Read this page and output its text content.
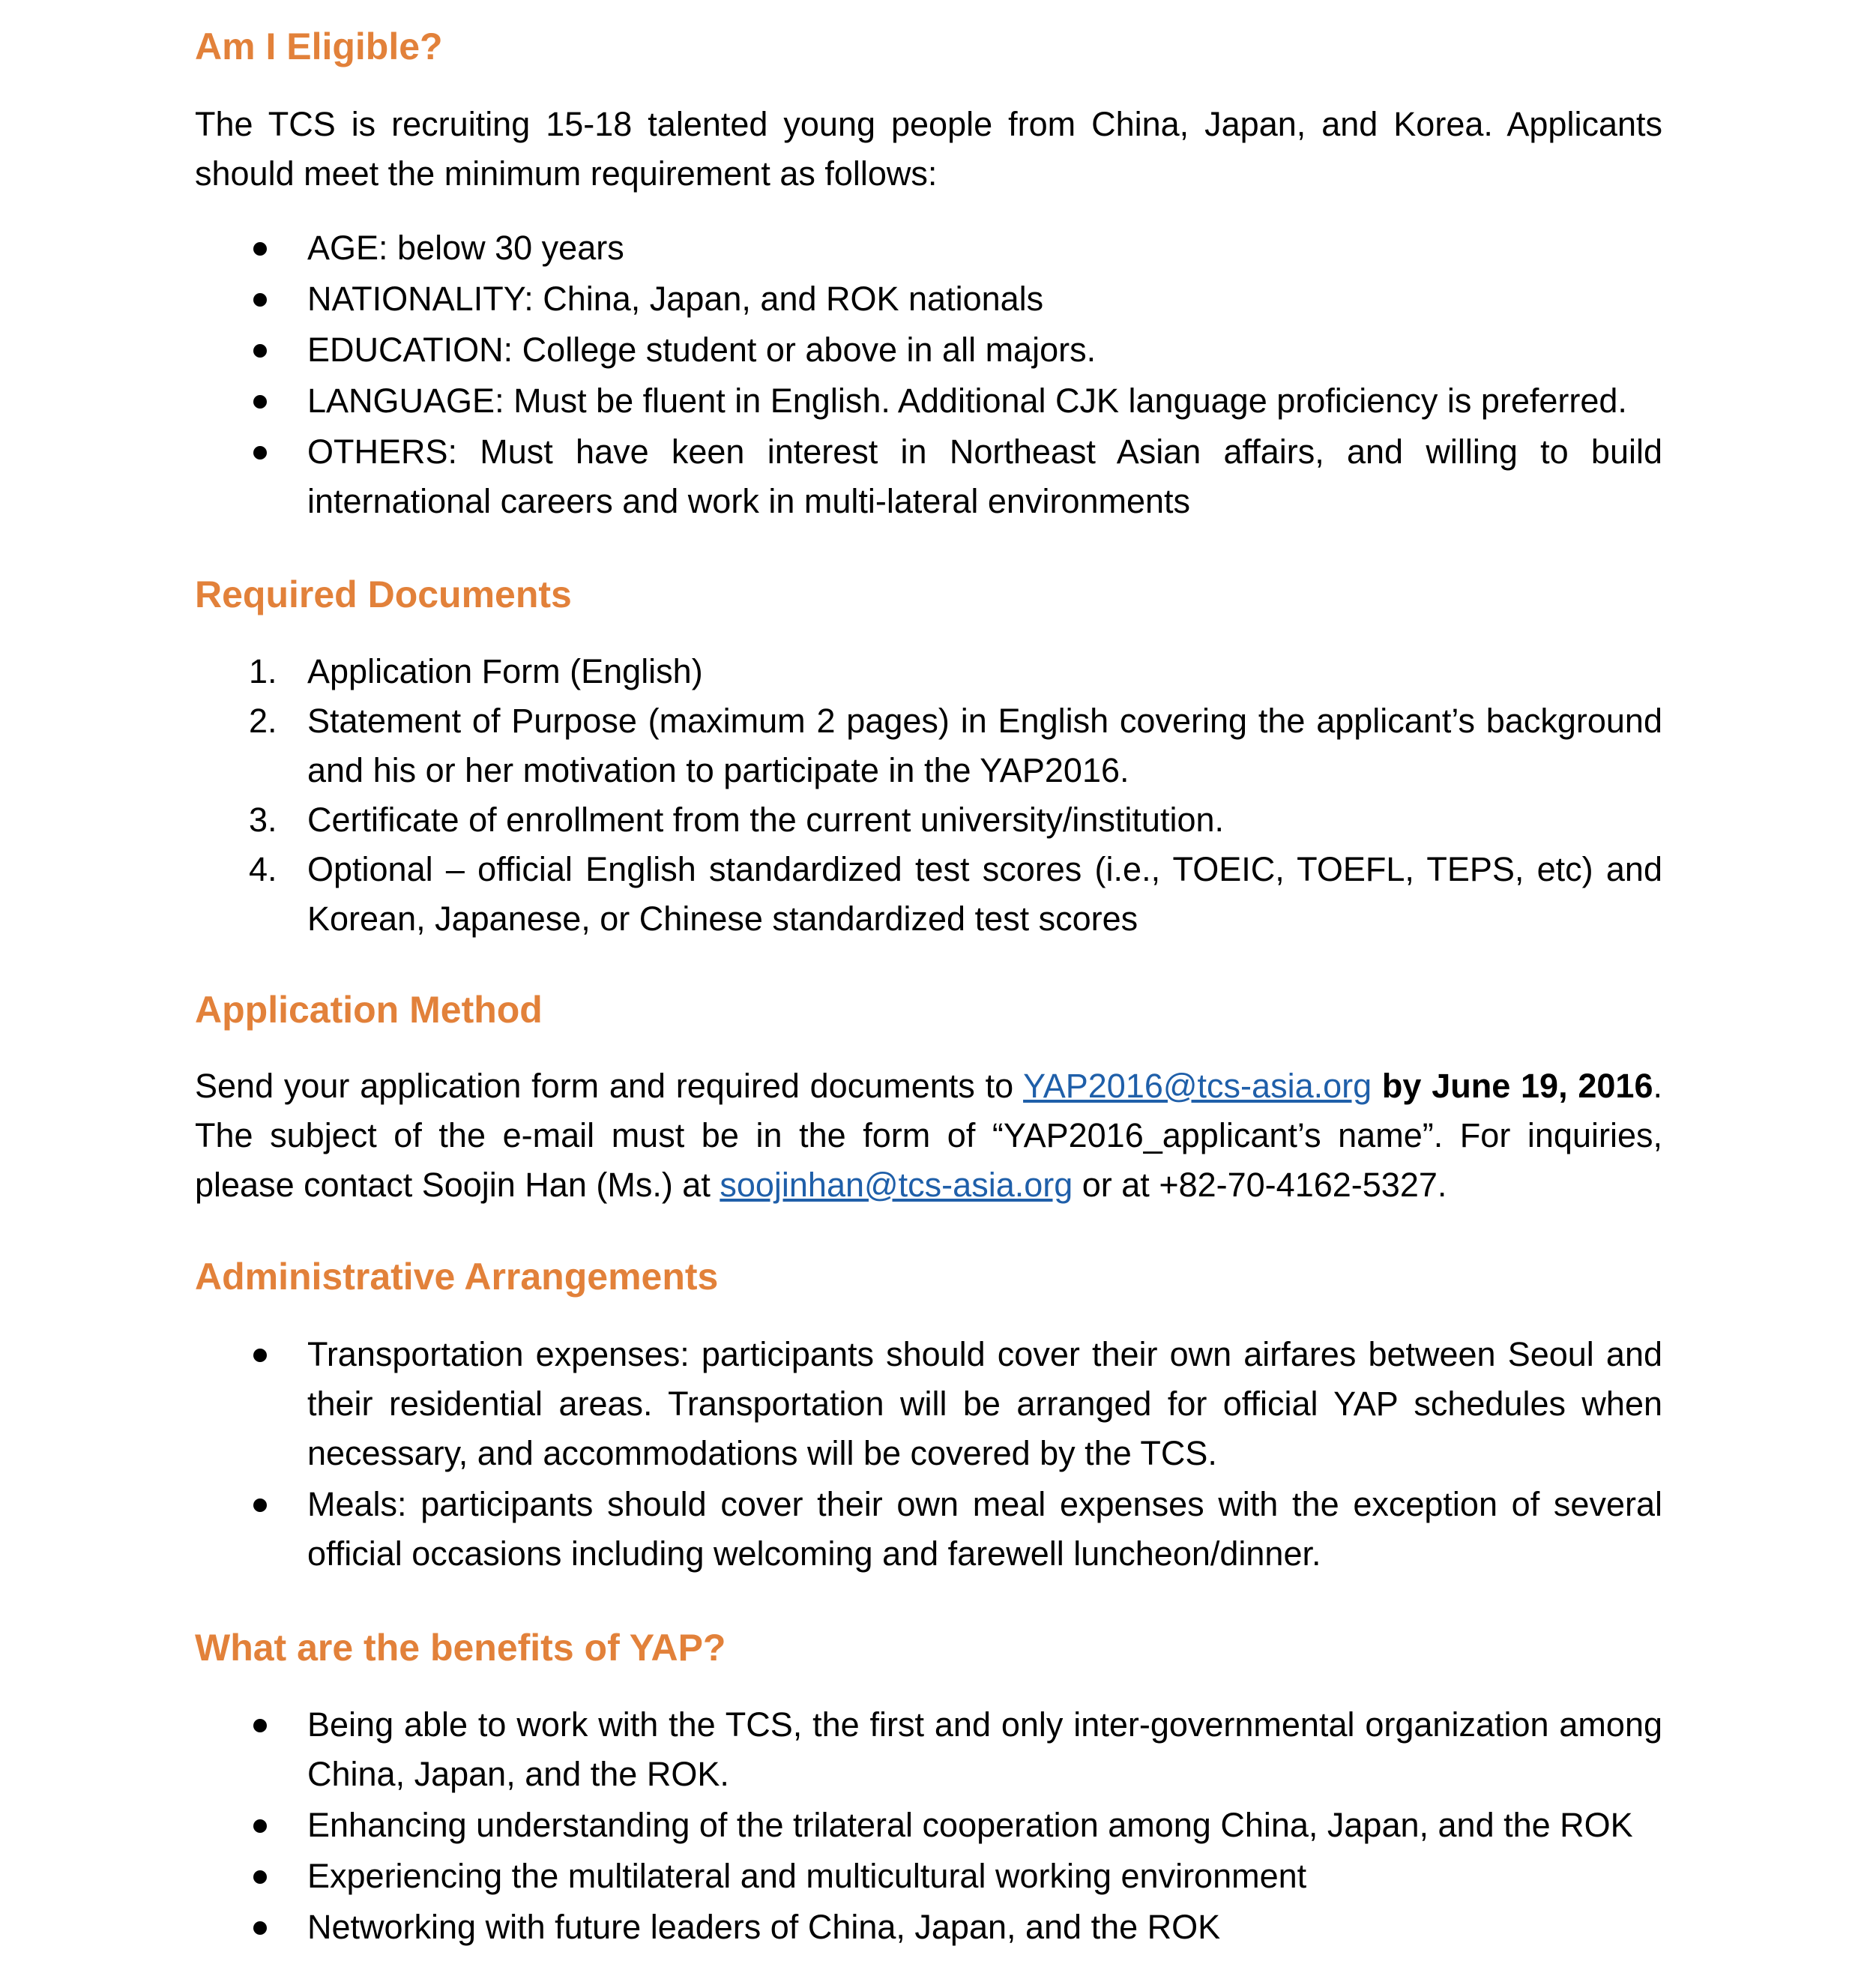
Am I Eligible?

The TCS is recruiting 15-18 talented young people from China, Japan, and Korea. Applicants should meet the minimum requirement as follows:

AGE: below 30 years
NATIONALITY: China, Japan, and ROK nationals
EDUCATION: College student or above in all majors.
LANGUAGE: Must be fluent in English. Additional CJK language proficiency is preferred.
OTHERS: Must have keen interest in Northeast Asian affairs, and willing to build international careers and work in multi-lateral environments
Required Documents
1. Application Form (English)
2. Statement of Purpose (maximum 2 pages) in English covering the applicant’s background and his or her motivation to participate in the YAP2016.
3. Certificate of enrollment from the current university/institution.
4. Optional – official English standardized test scores (i.e., TOEIC, TOEFL, TEPS, etc) and Korean, Japanese, or Chinese standardized test scores
Application Method

Send your application form and required documents to YAP2016@tcs-asia.org by June 19, 2016. The subject of the e-mail must be in the form of “YAP2016_applicant’s name”. For inquiries, please contact Soojin Han (Ms.) at soojinhan@tcs-asia.org or at +82-70-4162-5327.

Administrative Arrangements
Transportation expenses: participants should cover their own airfares between Seoul and their residential areas. Transportation will be arranged for official YAP schedules when necessary, and accommodations will be covered by the TCS.
Meals: participants should cover their own meal expenses with the exception of several official occasions including welcoming and farewell luncheon/dinner.
What are the benefits of YAP?
Being able to work with the TCS, the first and only inter-governmental organization among China, Japan, and the ROK.
Enhancing understanding of the trilateral cooperation among China, Japan, and the ROK
Experiencing the multilateral and multicultural working environment
Networking with future leaders of China, Japan, and the ROK
